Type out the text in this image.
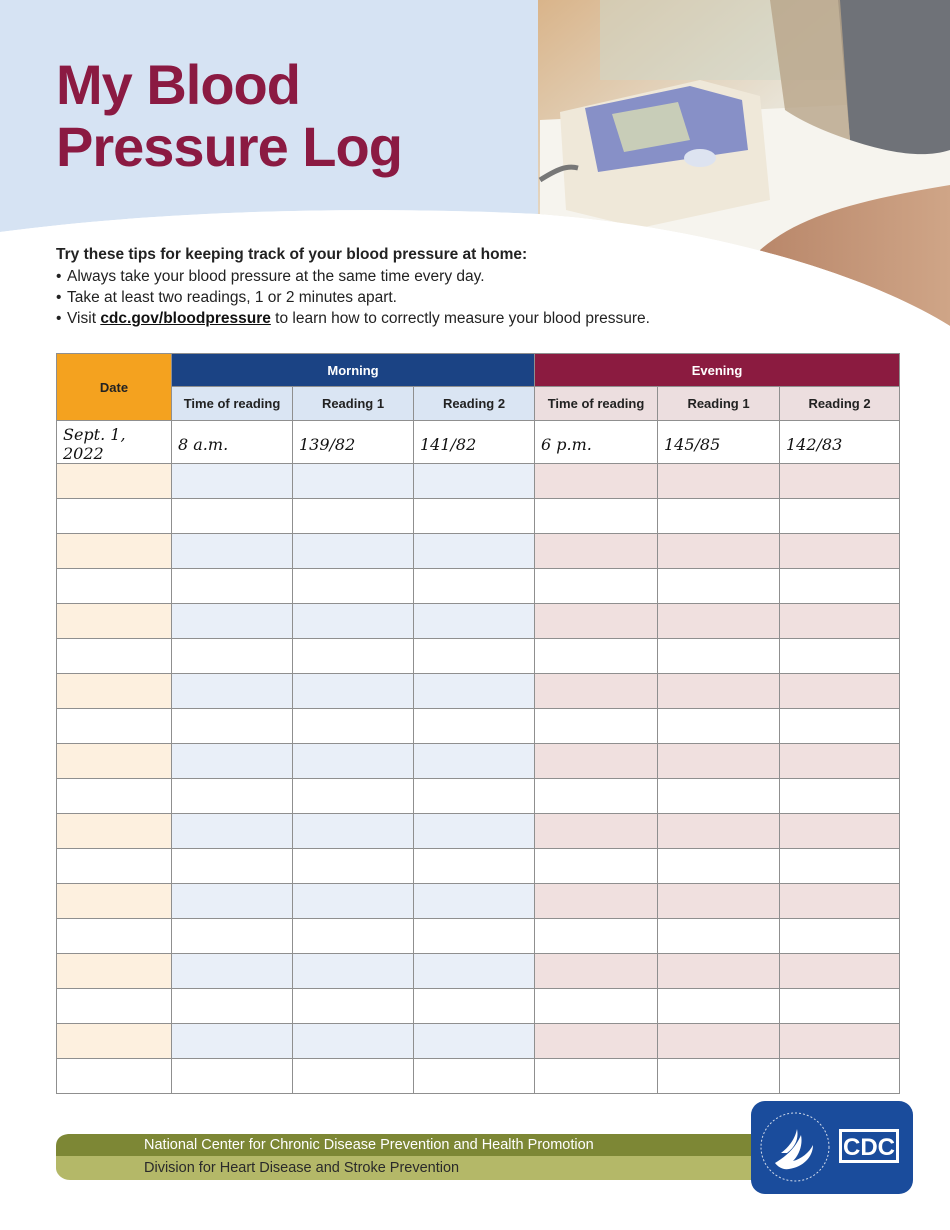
My Blood
Pressure Log

Try these tips for keeping track of your blood pressure at home:

• Always take your blood pressure at the same time every day.
• Take at least two readings, 1 or 2 minutes apart.
• Visit cdc.gov/bloodpressure to learn how to correctly measure your blood pressure.
Date	Morning			Evening		
	Time of reading	Reading 1	Reading 2	Time of reading	Reading 1	Reading 2
Sept. 1, 2022	8 a.m.	139/82	141/82	6 p.m.	145/85	142/83

National Center for Chronic Disease Prevention and Health Promotion
Division for Heart Disease and Stroke Prevention
CDC
